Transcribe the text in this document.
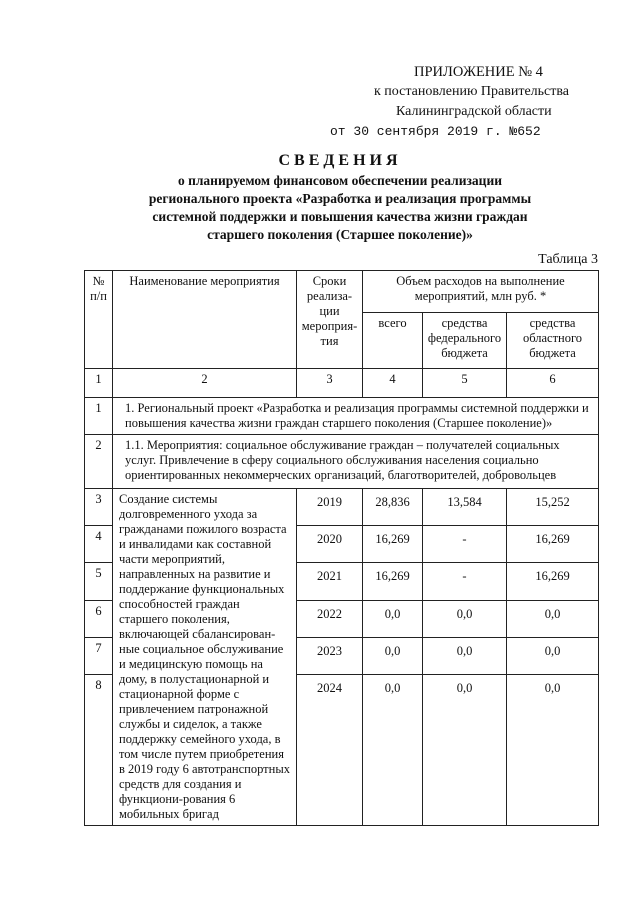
ПРИЛОЖЕНИЕ № 4
к постановлению Правительства
Калининградской области
от 30 сентября 2019 г. №652
СВЕДЕНИЯ
о планируемом финансовом обеспечении реализации
регионального проекта «Разработка и реализация программы
системной поддержки и повышения качества жизни граждан
старшего поколения (Старшее поколение)»
Таблица 3
№ п/п	Наименование мероприятия	Сроки реализа-ции мероприя-тия	Объем расходов на выполнение мероприятий, млн руб. *		
			всего	средства федерального бюджета	средства областного бюджета
1	2	3	4	5	6
1	1. Региональный проект «Разработка и реализация программы системной поддержки и повышения качества жизни граждан старшего поколения (Старшее поколение)»				
2	1.1. Мероприятия: социальное обслуживание граждан – получателей социальных услуг. Привлечение в сферу социального обслуживания населения социально ориентированных некоммерческих организаций, благотворителей, добровольцев				
3	Создание системы долговременного ухода за гражданами пожилого возраста и инвалидами как составной части мероприятий, направленных на развитие и поддержание функциональных способностей граждан старшего поколения, включающей сбалансирован-ные социальное обслуживание и медицинскую помощь на дому, в полустационарной и стационарной форме с привлечением патронажной службы и сиделок, а также поддержку семейного ухода, в том числе путем приобретения в 2019 году 6 автотранспортных средств для создания и функциони-рования 6 мобильных бригад	2019	28,836	13,584	15,252
4		2020	16,269	-	16,269
5		2021	16,269	-	16,269
6		2022	0,0	0,0	0,0
7		2023	0,0	0,0	0,0
8		2024	0,0	0,0	0,0
